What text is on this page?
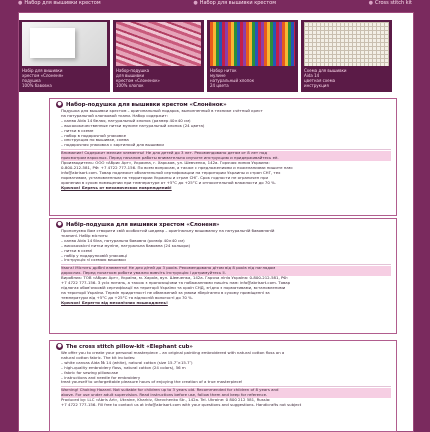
● Набор для вышивки крестом	● Набор для вышивки крестом	● Cross stitch kit
Набір для вишивки
хрестом «Слоненя»
подушка
100% бавовна
Набор-подушка
для вышивки
крестом «Слоненок»
100% хлопок
Набор ниток
мулине
натуральный хлопок
24 цвета
Схема для вышивки
Aida 14
цветная схема
инструкция
● Набор-подушка для вышивки крестом «Слонёнок»
Подушка для вышивки крестом – оригинальный подарок, выполненный в технике счётный крест
на натуральной хлопковой ткани. Набор содержит:
– канва Aida 14 белая, натуральный хлопок (размер 40×40 см)
– высококачественные нитки мулине натуральный хлопок (24 цвета)
– нитки в схеме
– набор в подарочной упаковке
– инструкция по вышивке, схема
– подарочная упаковка с картинкой для вышивки
Внимание! Содержит мелкие элементы! Не для детей до 3 лет. Рекомендовано детям от 8 лет под
присмотром взрослых. Перед началом работы внимательно изучите инструкцию и придерживайтесь её.
Производитель: ООО «Абрис Арт», Украина, г. Харьков, ул. Шевченко, 142а. Горячая линия Украина:
0-800-212-581, РФ: +7 4722 777-156. По всем вопросам, а также с предложениями и пожеланиями пишите нам:
info@abrisart.com. Товар подлежит обязательной сертификации на территории Украины и стран СНГ, тех
нормативам, установленным на территории Украины и стран СНГ. Срок годности не ограничен при
хранении в сухом помещении при температуре от +5°C до +25°C и относительной влажности до 70 %.
Крючок! Беречь от механических повреждений!
● Набір-подушка для вишивки хрестом «Слоненя»
Пропонуємо Вам створити свій особистий шедевр – оригінальну вишиванку на натуральній бавовняній
тканині. Набір містить:
– канва Aida 14 біла, натуральна бавовна (розмір 40×40 см)
– високоякісні нитки муліне, натуральна бавовна (24 кольори)
– нитки в схемі
– набір у подарунковій упаковці
– інструкція зі схемою вишивки
Увага! Містить дрібні елементи! Не для дітей до 3 років. Рекомендовано дітям від 8 років під наглядом
дорослих. Перед початком роботи уважно вивчіть інструкцію і дотримуйтесь її.
Виробник: ТОВ «Абрис Арт», Україна, м. Харків, вул. Шевченка, 142а. Гаряча лінія Україна: 0-800-212-581, РФ:
+7 4722 777-156. З усіх питань, а також з пропозиціями та побажаннями пишіть нам: info@abrisart.com. Товар
підлягає обов'язковій сертифікації на території України та країн СНД, згідно з нормативами, встановленими
на території України. Термін придатності не обмежений за умови зберігання в сухому приміщенні за
температури від +5°C до +25°C та відносній вологості до 70 %.
Крючок! Берегти від механічних пошкоджень!
● The cross stitch pillow-kit «Elephant cub»
We offer you to create your personal masterpiece – an original painting embroidered with natural cotton floss on a
natural cotton fabric. The kit includes:
– white canvas Aida № 14 (white), natural cotton (size 15.7″×15.7″)
– high-quality embroidery floss, natural cotton (24 colors), 56 m
– fabric for sewing pillowcase
– instructions and needle for embroidery
treat yourself to unforgettable pleasure hours of enjoying the creation of a true masterpiece!
Warning! Choking Hazard. Not suitable for children up to 3 years old. Recommended for children of 8 years and
above. For use under adult supervision. Read instructions before use, follow them and keep for reference.
Produced by: LLC «Abris Art», Ukraine, Kharkiv, Shevchenko Str., 142a. Tel. Ukraine: 0 800 212 581, Russia:
+7 4722 777-156. Fill free to contact us at info@abrisart.com with your questions and suggestions. Handicrafts not subject
